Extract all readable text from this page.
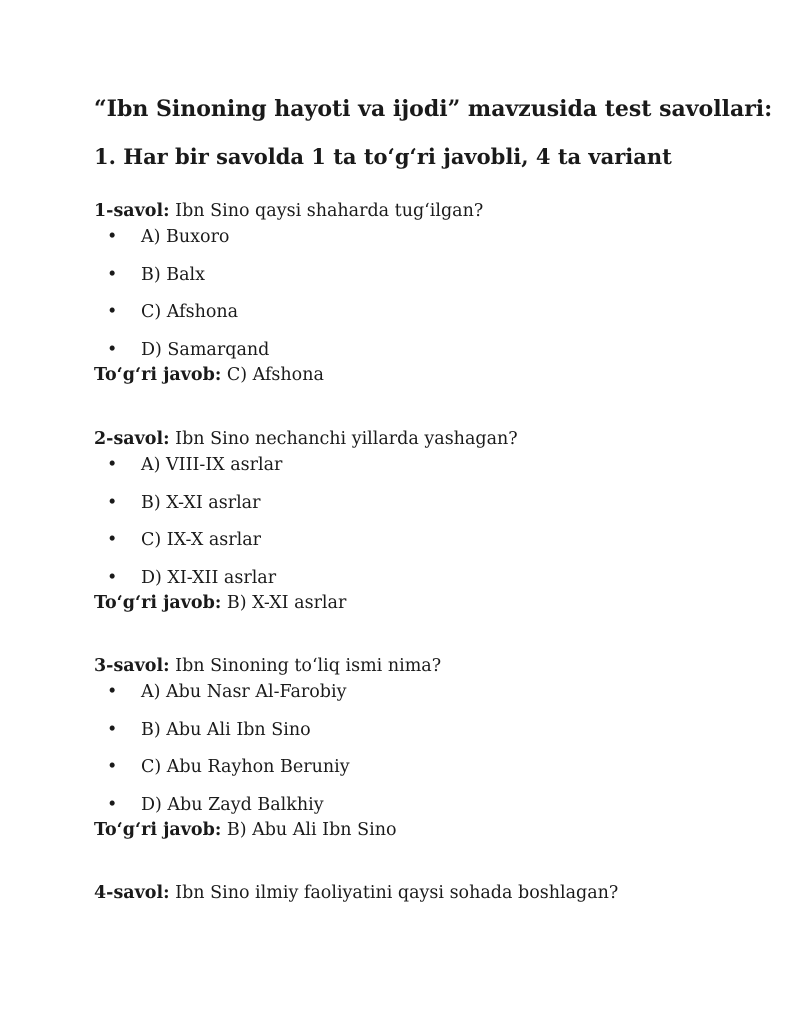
“Ibn Sinoning hayoti va ijodi” mavzusida test savollari:
1. Har bir savolda 1 ta to‘g‘ri javobli, 4 ta variant

1-savol: Ibn Sino qaysi shaharda tug‘ilgan?

• A) Buxoro
• B) Balx
• C) Afshona
• D) Samarqand
To‘g‘ri javob: C) Afshona

2-savol: Ibn Sino nechanchi yillarda yashagan?

• A) VIII-IX asrlar
• B) X-XI asrlar
• C) IX-X asrlar
• D) XI-XII asrlar
To‘g‘ri javob: B) X-XI asrlar

3-savol: Ibn Sinoning to‘liq ismi nima?

• A) Abu Nasr Al-Farobiy
• B) Abu Ali Ibn Sino
• C) Abu Rayhon Beruniy
• D) Abu Zayd Balkhiy
To‘g‘ri javob: B) Abu Ali Ibn Sino

4-savol: Ibn Sino ilmiy faoliyatini qaysi sohada boshlagan?
